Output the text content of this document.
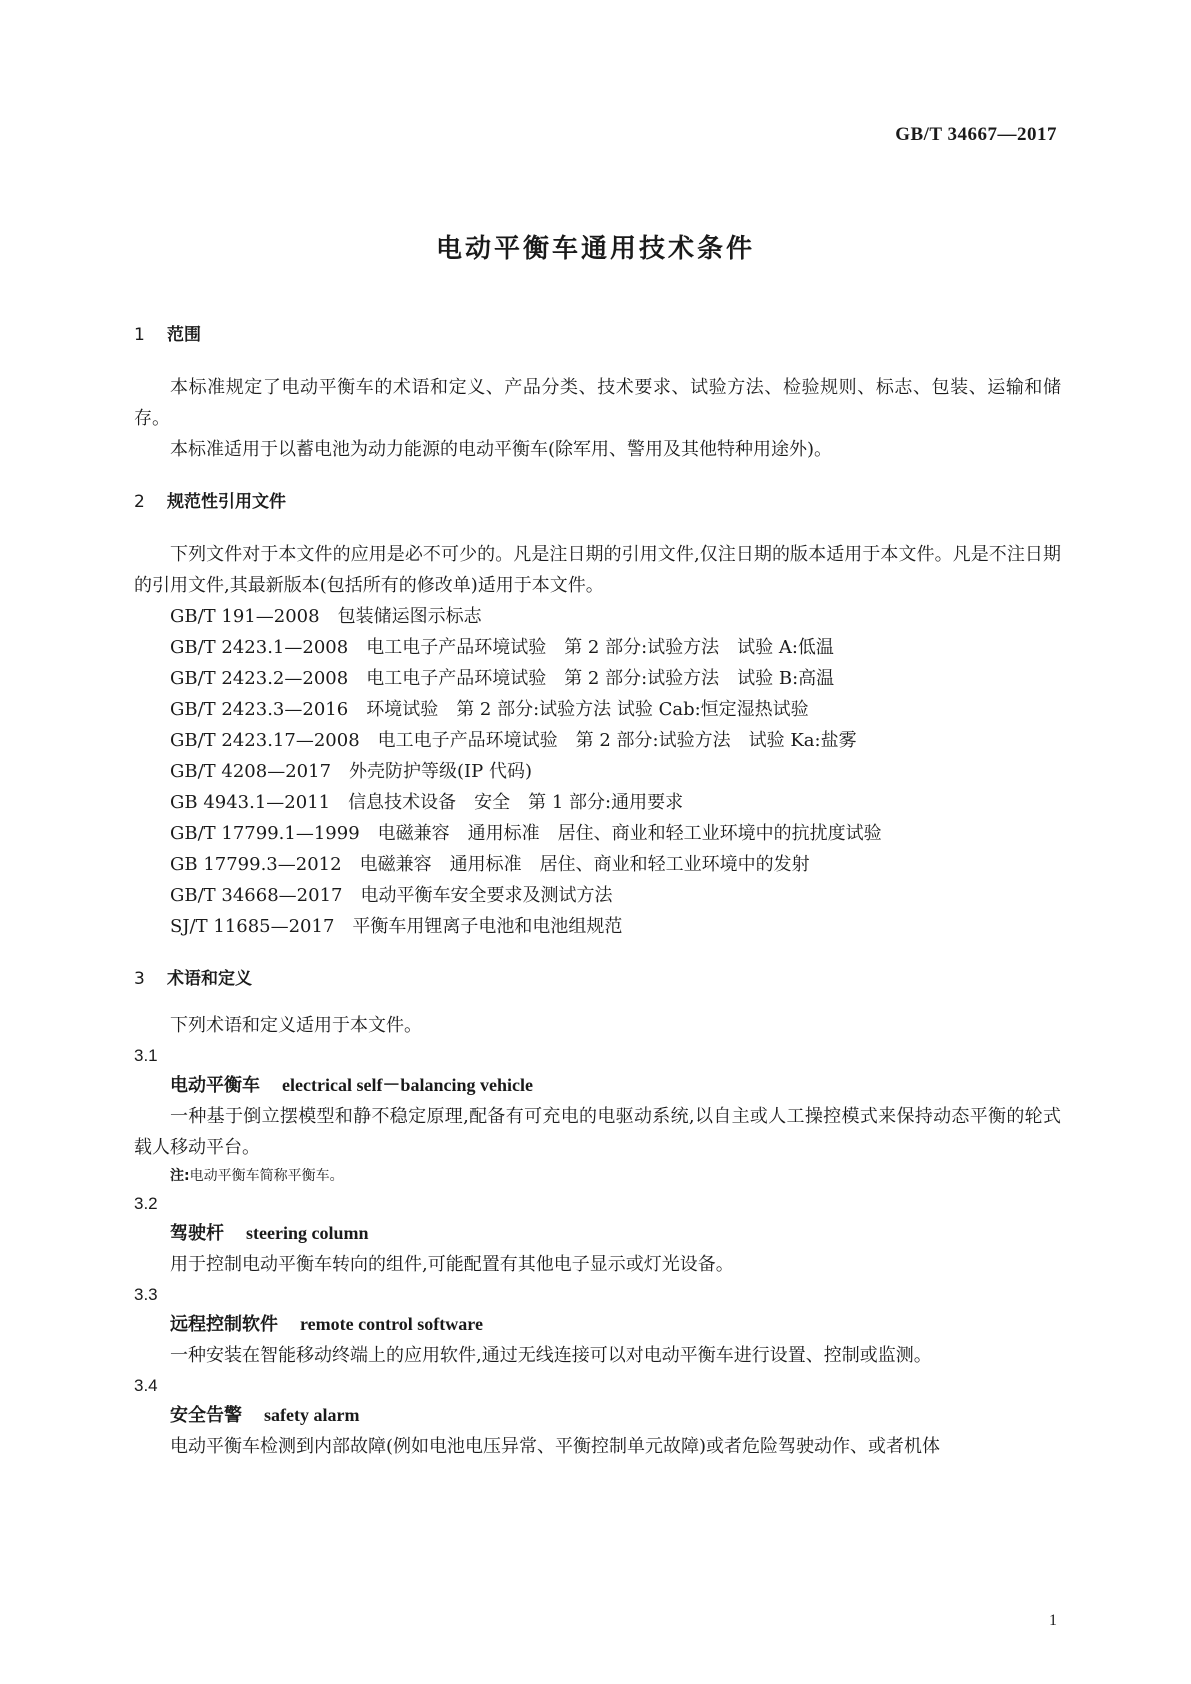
GB/T 34667—2017
电动平衡车通用技术条件
1	范围

本标准规定了电动平衡车的术语和定义、产品分类、技术要求、试验方法、检验规则、标志、包装、运输和储存。

本标准适用于以蓄电池为动力能源的电动平衡车(除军用、警用及其他特种用途外)。

2	规范性引用文件

下列文件对于本文件的应用是必不可少的。凡是注日期的引用文件,仅注日期的版本适用于本文件。凡是不注日期的引用文件,其最新版本(包括所有的修改单)适用于本文件。

GB/T 191—2008　包装储运图示标志
GB/T 2423.1—2008　电工电子产品环境试验　第 2 部分:试验方法　试验 A:低温
GB/T 2423.2—2008　电工电子产品环境试验　第 2 部分:试验方法　试验 B:高温
GB/T 2423.3—2016　环境试验　第 2 部分:试验方法 试验 Cab:恒定湿热试验
GB/T 2423.17—2008　电工电子产品环境试验　第 2 部分:试验方法　试验 Ka:盐雾
GB/T 4208—2017　外壳防护等级(IP 代码)
GB 4943.1—2011　信息技术设备　安全　第 1 部分:通用要求
GB/T 17799.1—1999　电磁兼容　通用标准　居住、商业和轻工业环境中的抗扰度试验
GB 17799.3—2012　电磁兼容　通用标准　居住、商业和轻工业环境中的发射
GB/T 34668—2017　电动平衡车安全要求及测试方法
SJ/T 11685—2017　平衡车用锂离子电池和电池组规范
3	术语和定义

下列术语和定义适用于本文件。

3.1

电动平衡车 electrical self－balancing vehicle

一种基于倒立摆模型和静不稳定原理,配备有可充电的电驱动系统,以自主或人工操控模式来保持动态平衡的轮式载人移动平台。

注:电动平衡车简称平衡车。

3.2

驾驶杆 steering column

用于控制电动平衡车转向的组件,可能配置有其他电子显示或灯光设备。

3.3

远程控制软件 remote control software

一种安装在智能移动终端上的应用软件,通过无线连接可以对电动平衡车进行设置、控制或监测。

3.4

安全告警 safety alarm

电动平衡车检测到内部故障(例如电池电压异常、平衡控制单元故障)或者危险驾驶动作、或者机体

1
